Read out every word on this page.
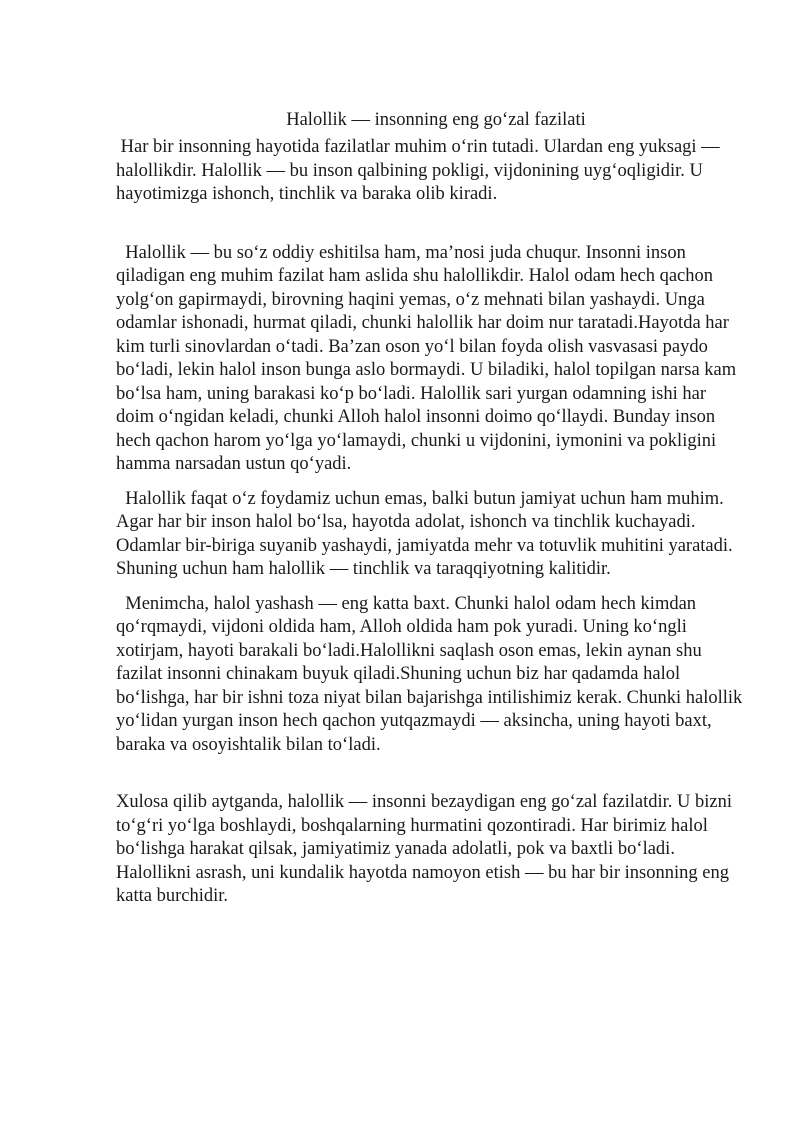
Halollik — insonning eng goʻzal fazilati

Har bir insonning hayotida fazilatlar muhim oʻrin tutadi. Ulardan eng yuksagi — halollikdir. Halollik — bu inson qalbining pokligi, vijdonining uygʻoqligidir. U hayotimizga ishonch, tinchlik va baraka olib kiradi.

Halollik — bu soʻz oddiy eshitilsa ham, maʼnosi juda chuqur. Insonni inson qiladigan eng muhim fazilat ham aslida shu halollikdir. Halol odam hech qachon yolgʻon gapirmaydi, birovning haqini yemas, oʻz mehnati bilan yashaydi. Unga odamlar ishonadi, hurmat qiladi, chunki halollik har doim nur taratadi.Hayotda har kim turli sinovlardan oʻtadi. Baʼzan oson yoʻl bilan foyda olish vasvasasi paydo boʻladi, lekin halol inson bunga aslo bormaydi. U biladiki, halol topilgan narsa kam boʻlsa ham, uning barakasi koʻp boʻladi. Halollik sari yurgan odamning ishi har doim oʻngidan keladi, chunki Alloh halol insonni doimo qoʻllaydi. Bunday inson hech qachon harom yoʻlga yoʻlamaydi, chunki u vijdonini, iymonini va pokligini hamma narsadan ustun qoʻyadi.

Halollik faqat oʻz foydamiz uchun emas, balki butun jamiyat uchun ham muhim. Agar har bir inson halol boʻlsa, hayotda adolat, ishonch va tinchlik kuchayadi. Odamlar bir-biriga suyanib yashaydi, jamiyatda mehr va totuvlik muhitini yaratadi. Shuning uchun ham halollik — tinchlik va taraqqiyotning kalitidir.

Menimcha, halol yashash — eng katta baxt. Chunki halol odam hech kimdan qoʻrqmaydi, vijdoni oldida ham, Alloh oldida ham pok yuradi. Uning koʻngli xotirjam, hayoti barakali boʻladi.Halollikni saqlash oson emas, lekin aynan shu fazilat insonni chinakam buyuk qiladi.Shuning uchun biz har qadamda halol boʻlishga, har bir ishni toza niyat bilan bajarishga intilishimiz kerak. Chunki halollik yoʻlidan yurgan inson hech qachon yutqazmaydi — aksincha, uning hayoti baxt, baraka va osoyishtalik bilan toʻladi.

Xulosa qilib aytganda, halollik — insonni bezaydigan eng goʻzal fazilatdir. U bizni toʻgʻri yoʻlga boshlaydi, boshqalarning hurmatini qozontiradi. Har birimiz halol boʻlishga harakat qilsak, jamiyatimiz yanada adolatli, pok va baxtli boʻladi. Halollikni asrash, uni kundalik hayotda namoyon etish — bu har bir insonning eng katta burchidir.
